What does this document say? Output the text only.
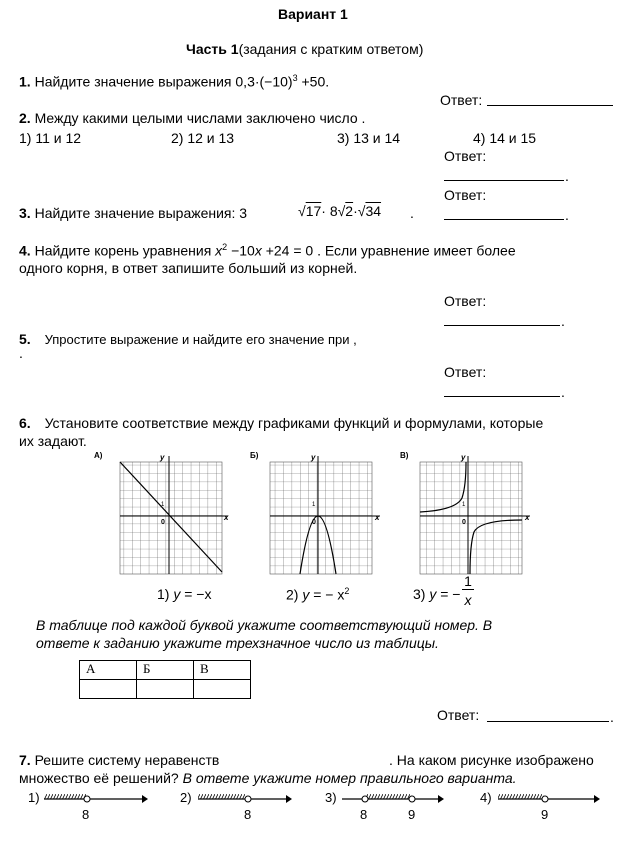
Вариант 1
Часть 1(задания с кратким ответом)
1. Найдите значение выражения $0,3\cdot(-10)^3 +50$.
Ответ:
2. Между какими целыми числами заключено число .
1) 11 и 12	2) 12 и 13	3) 13 и 14	4) 14 и 15
Ответ:
.
Ответ:
3. Найдите значение выражения: 3	√17· 8√2·√34 .	.
4. Найдите корень уравнения $x^2 -10x +24 = 0$ . Если уравнение имеет более
одного корня, в ответ запишите больший из корней.
Ответ:
.
5. Упростите выражение и найдите его значение при ,
.
Ответ:
.
6. Установите соответствие между графиками функций и формулами, которые
их задают.
А)	y
x
1
0
Б)	y
x
1
0
В)	y
x
1
0
1) y = −x	2) y = − $x^2$	3) y = −
1
x
В таблице под каждой буквой укажите соответствующий номер. В
ответе к заданию укажите трехзначное число из таблицы.
А	Б	В

Ответ:	.
7. Решите систему неравенств	. На каком рисунке изображено
множество её решений? В ответе укажите номер правильного варианта.
1)
8
2)
8
3)
8	9
4)
9
